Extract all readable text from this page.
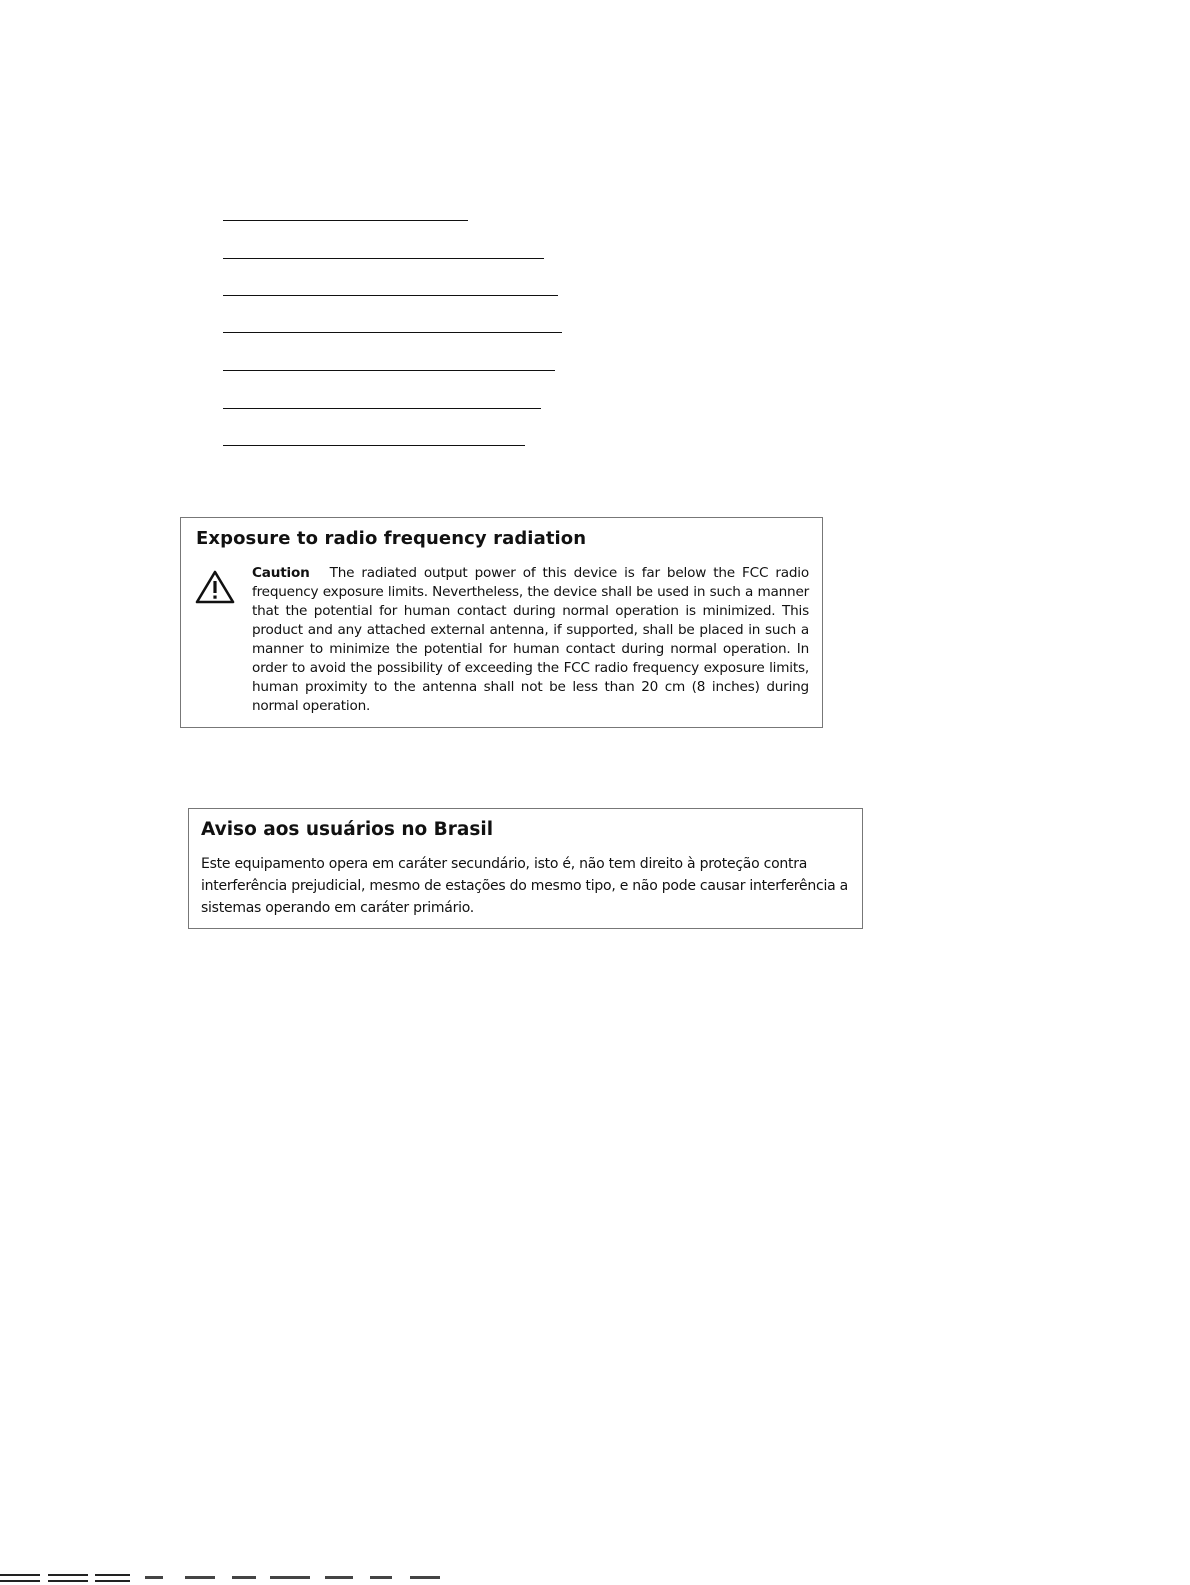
Exposure to radio frequency radiation
Caution The radiated output power of this device is far below the FCC radio frequency exposure limits. Nevertheless, the device shall be used in such a manner that the potential for human contact during normal operation is minimized. This product and any attached external antenna, if supported, shall be placed in such a manner to minimize the potential for human contact during normal operation. In order to avoid the possibility of exceeding the FCC radio frequency exposure limits, human proximity to the antenna shall not be less than 20 cm (8 inches) during normal operation.
Aviso aos usuários no Brasil
Este equipamento opera em caráter secundário, isto é, não tem direito à proteção contra interferência prejudicial, mesmo de estações do mesmo tipo, e não pode causar interferência a sistemas operando em caráter primário.
